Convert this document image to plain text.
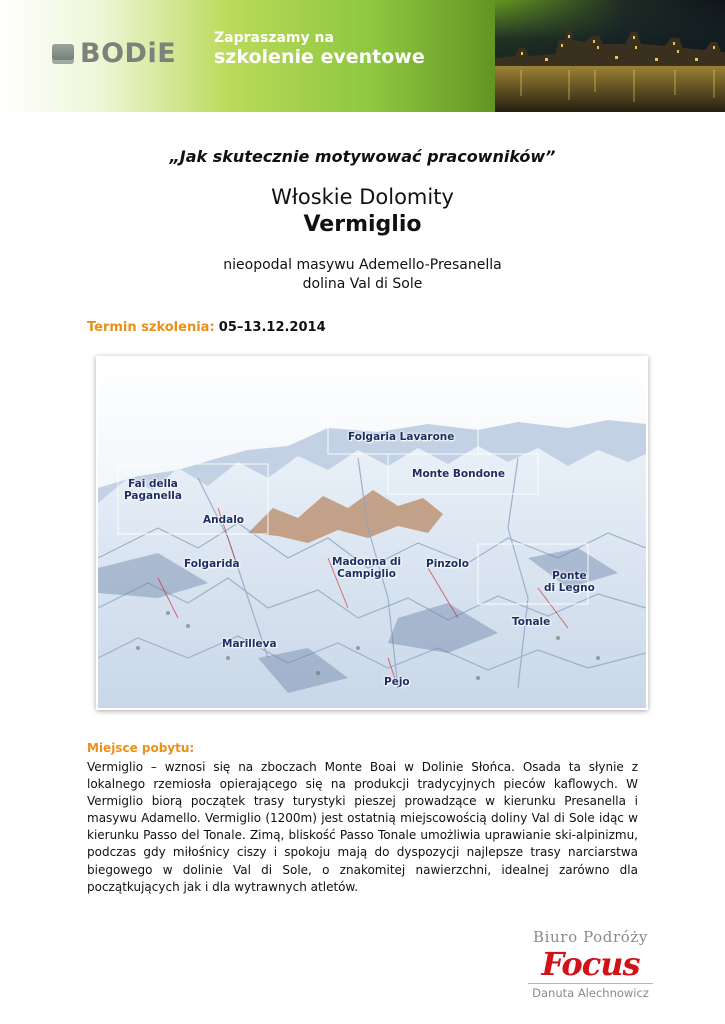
BODiE	Zapraszamy na
szkolenie eventowe
„Jak skutecznie motywować pracowników”
Włoskie Dolomity
Vermiglio
nieopodal masywu Ademello-Presanella
dolina Val di Sole
Termin szkolenia: 05–13.12.2014
Folgaria Lavarone
Monte Bondone
Fai della
Paganella
Andalo
Folgarida	Madonna di
Campiglio
Pinzolo
Ponte
di Legno
Tonale
Marilleva
Pejo
Miejsce pobytu:
Vermiglio – wznosi się na zboczach Monte Boai w Dolinie Słońca. Osada ta słynie z lokalnego rzemiosła opierającego się na produkcji tradycyjnych pieców kaflowych. W Vermiglio biorą początek trasy turystyki pieszej prowadzące w kierunku Presanella i masywu Adamello. Vermiglio (1200m) jest ostatnią miejscowością doliny Val di Sole idąc w kierunku Passo del Tonale. Zimą, bliskość Passo Tonale umożliwia uprawianie ski-alpinizmu, podczas gdy miłośnicy ciszy i spokoju mają do dyspozycji najlepsze trasy narciarstwa biegowego w dolinie Val di Sole, o znakomitej nawierzchni, idealnej zarówno dla początkujących jak i dla wytrawnych atletów.
Biuro Podróży
Focus
Danuta Alechnowicz
